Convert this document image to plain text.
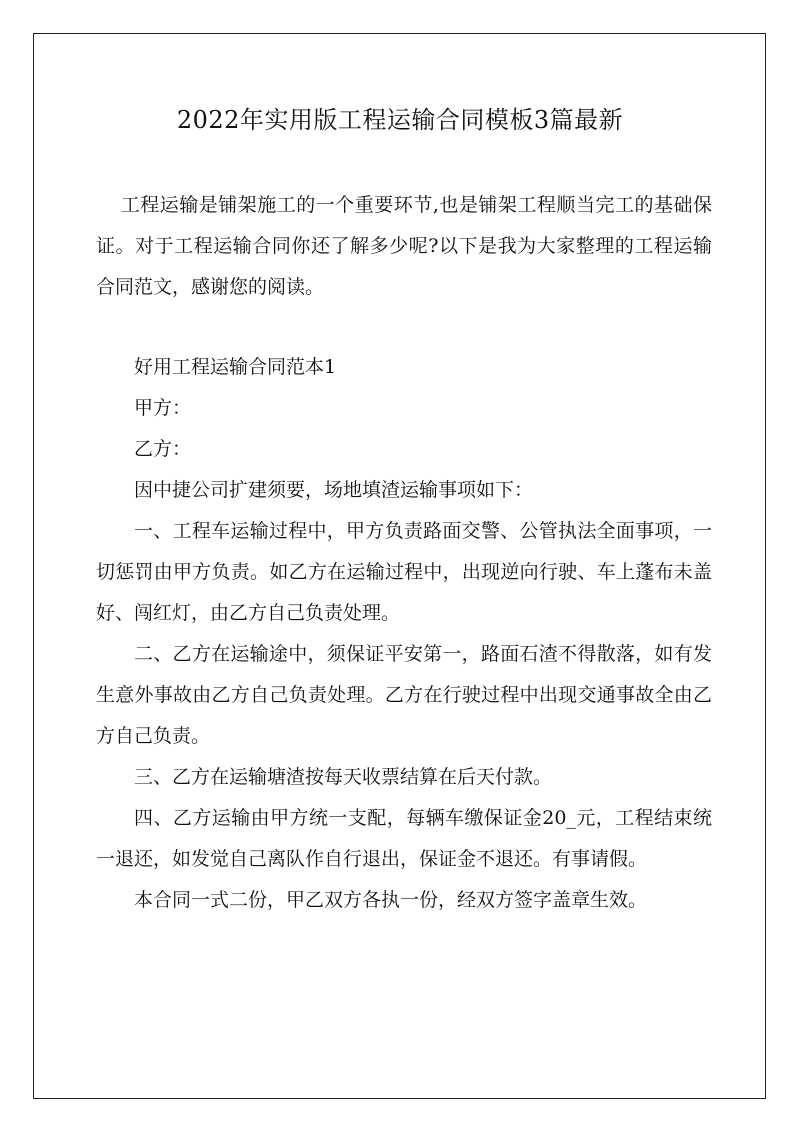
2022年实用版工程运输合同模板3篇最新

工程运输是铺架施工的一个重要环节,也是铺架工程顺当完工的基础保证。对于工程运输合同你还了解多少呢?以下是我为大家整理的工程运输合同范文，感谢您的阅读。

好用工程运输合同范本1

甲方：

乙方：

因中捷公司扩建须要，场地填渣运输事项如下：

一、工程车运输过程中，甲方负责路面交警、公管执法全面事项，一切惩罚由甲方负责。如乙方在运输过程中，出现逆向行驶、车上蓬布未盖好、闯红灯，由乙方自己负责处理。

二、乙方在运输途中，须保证平安第一，路面石渣不得散落，如有发生意外事故由乙方自己负责处理。乙方在行驶过程中出现交通事故全由乙方自己负责。

三、乙方在运输塘渣按每天收票结算在后天付款。

四、乙方运输由甲方统一支配，每辆车缴保证金20_元，工程结束统一退还，如发觉自己离队作自行退出，保证金不退还。有事请假。

本合同一式二份，甲乙双方各执一份，经双方签字盖章生效。
